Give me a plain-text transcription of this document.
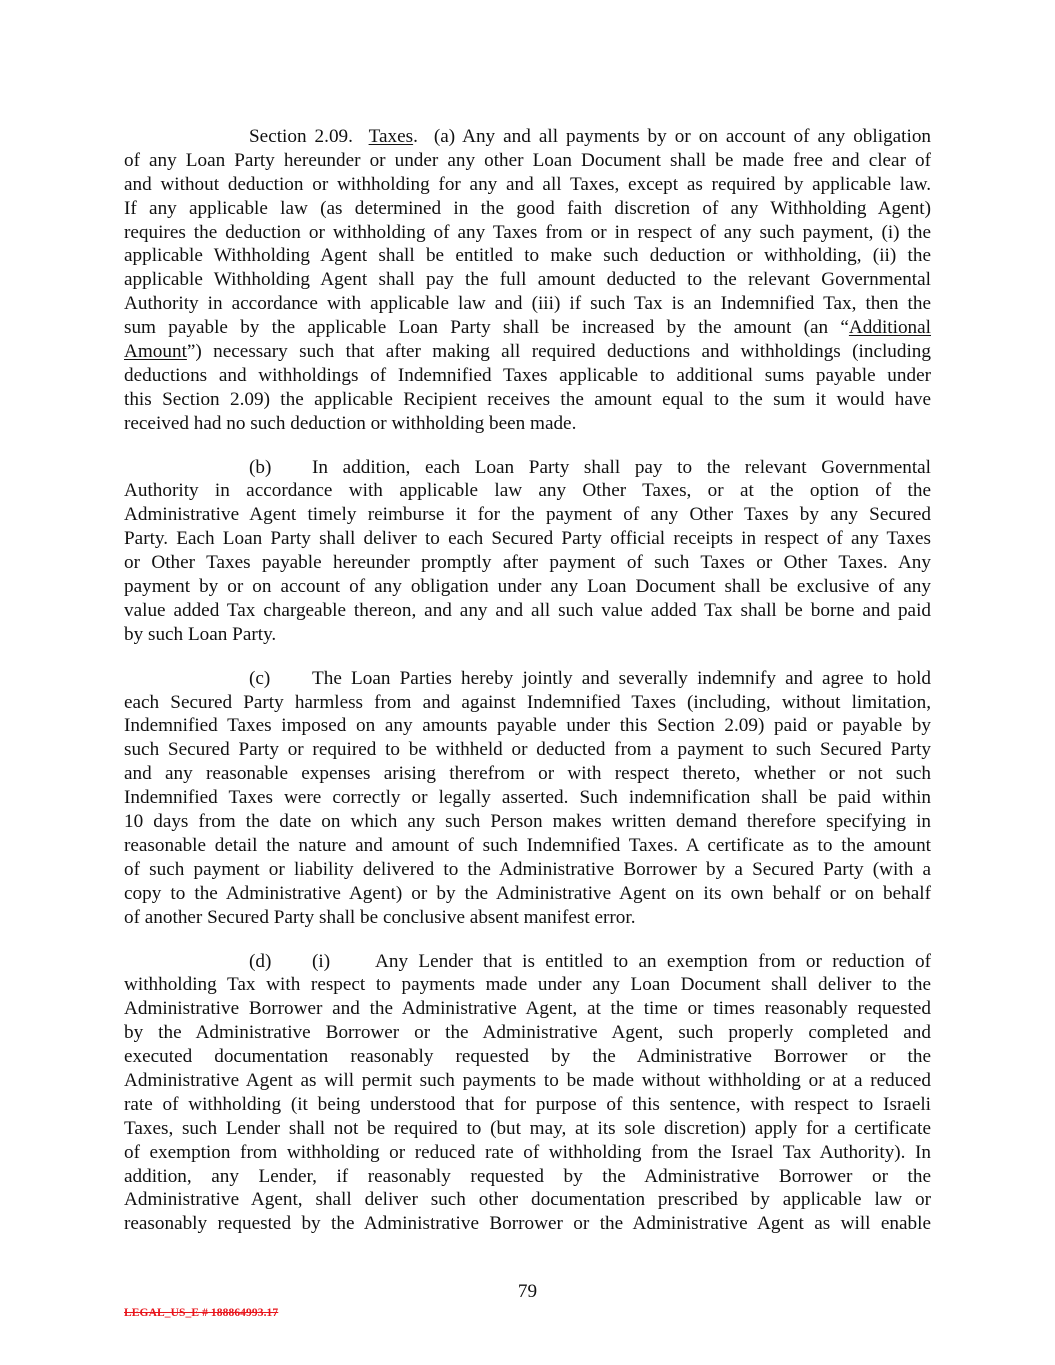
Section 2.09. Taxes. (a) Any and all payments by or on account of any obligation
of any Loan Party hereunder or under any other Loan Document shall be made free and clear of
and without deduction or withholding for any and all Taxes, except as required by applicable law.
If any applicable law (as determined in the good faith discretion of any Withholding Agent)
requires the deduction or withholding of any Taxes from or in respect of any such payment, (i) the
applicable Withholding Agent shall be entitled to make such deduction or withholding, (ii) the
applicable Withholding Agent shall pay the full amount deducted to the relevant Governmental
Authority in accordance with applicable law and (iii) if such Tax is an Indemnified Tax, then the
sum payable by the applicable Loan Party shall be increased by the amount (an “Additional
Amount”) necessary such that after making all required deductions and withholdings (including
deductions and withholdings of Indemnified Taxes applicable to additional sums payable under
this Section 2.09) the applicable Recipient receives the amount equal to the sum it would have
received had no such deduction or withholding been made.
(b) In addition, each Loan Party shall pay to the relevant Governmental
Authority in accordance with applicable law any Other Taxes, or at the option of the
Administrative Agent timely reimburse it for the payment of any Other Taxes by any Secured
Party. Each Loan Party shall deliver to each Secured Party official receipts in respect of any Taxes
or Other Taxes payable hereunder promptly after payment of such Taxes or Other Taxes. Any
payment by or on account of any obligation under any Loan Document shall be exclusive of any
value added Tax chargeable thereon, and any and all such value added Tax shall be borne and paid
by such Loan Party.
(c) The Loan Parties hereby jointly and severally indemnify and agree to hold
each Secured Party harmless from and against Indemnified Taxes (including, without limitation,
Indemnified Taxes imposed on any amounts payable under this Section 2.09) paid or payable by
such Secured Party or required to be withheld or deducted from a payment to such Secured Party
and any reasonable expenses arising therefrom or with respect thereto, whether or not such
Indemnified Taxes were correctly or legally asserted. Such indemnification shall be paid within
10 days from the date on which any such Person makes written demand therefore specifying in
reasonable detail the nature and amount of such Indemnified Taxes. A certificate as to the amount
of such payment or liability delivered to the Administrative Borrower by a Secured Party (with a
copy to the Administrative Agent) or by the Administrative Agent on its own behalf or on behalf
of another Secured Party shall be conclusive absent manifest error.
(d) (i) Any Lender that is entitled to an exemption from or reduction of
withholding Tax with respect to payments made under any Loan Document shall deliver to the
Administrative Borrower and the Administrative Agent, at the time or times reasonably requested
by the Administrative Borrower or the Administrative Agent, such properly completed and
executed documentation reasonably requested by the Administrative Borrower or the
Administrative Agent as will permit such payments to be made without withholding or at a reduced
rate of withholding (it being understood that for purpose of this sentence, with respect to Israeli
Taxes, such Lender shall not be required to (but may, at its sole discretion) apply for a certificate
of exemption from withholding or reduced rate of withholding from the Israel Tax Authority). In
addition, any Lender, if reasonably requested by the Administrative Borrower or the
Administrative Agent, shall deliver such other documentation prescribed by applicable law or
reasonably requested by the Administrative Borrower or the Administrative Agent as will enable
79
LEGAL_US_E # 188864993.17
